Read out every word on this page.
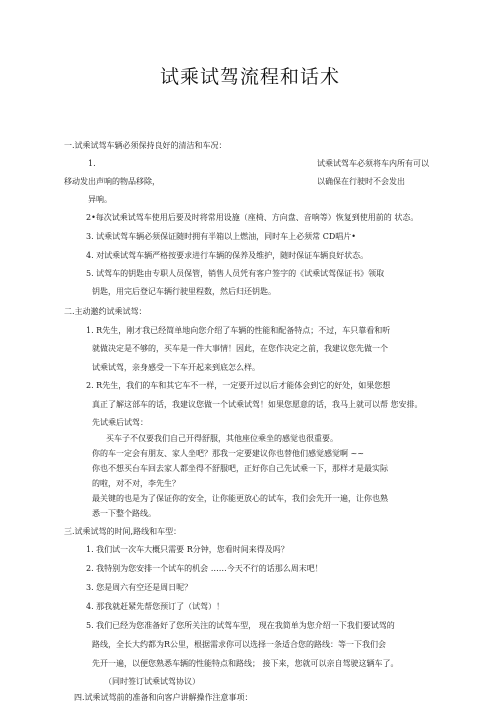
试乘试驾流程和话术
一.试乘试驾车辆必须保持良好的清洁和车况：
1.	试乘试驾车必须将车内所有可以
移动发出声响的物品移除，	以确保在行驶时不会发出
异响。
2•每次试乘试驾车使用后要及时将常用设施（座椅、方向盘、音响等）恢复到使用前的 状态。
3. 试乘试驾车辆必须保证随时拥有半箱以上燃油，同时车上必须常 CD唱片•
4. 对试乘试驾车辆严格按要求进行车辆的保养及维护，随时保证车辆良好状态。
5. 试驾车的钥匙由专职人员保管，销售人员凭有客户签字的《试乘试驾保证书》领取
钥匙，用完后登记车辆行驶里程数，然后归还钥匙。
二.主动邀约试乘试驾：
1. R先生，刚才我已经简单地向您介绍了车辆的性能和配备特点；不过，车只靠看和听
就做决定是不够的，买车是一件大事情！因此，在您作决定之前，我建议您先做一个
试乘试驾，亲身感受一下车开起来到底怎么样。
2. R先生，我们的车和其它车不一样，一定要开过以后才能体会到它的好处，如果您想
真正了解这部车的话，我建议您做一个试乘试驾！如果您愿意的话，我马上就可以帮 您安排。
先试乘后试驾：
买车子不仅要我们自己开得舒服，其他座位乘坐的感觉也很重要。
你的车一定会有朋友、家人坐吧？那我一定要建议你也替他们感觉感觉啊 ~~
你也不想买台车回去家人都坐得不舒服吧，正好你自己先试乘一下，那样才是最实际
的啦，对不对，李先生？
最关键的也是为了保证你的安全，让你能更放心的试车，我们会先开一遍，让你也熟
悉一下整个路线。
三.试乘试驾的时间,路线和车型：
1. 我们试一次车大概只需要 R分钟，您看时间来得及吗？
2. 我特别为您安排一个试车的机会 ……今天不行的话那么周末吧！
3. 您是周六有空还是周日呢？
4. 那我就赶紧先帮您预订了（试驾）！
5. 我们已经为您准备好了您所关注的试驾车型， 现在我简单为您介绍一下我们要试驾的
路线，全长大约都为R公里，根据需求你可以选择一条适合您的路线：等一下我们会
先开一遍，以便您熟悉车辆的性能特点和路线； 接下来，您就可以亲自驾驶这辆车了。
（同时签订试乘试驾协议）
四.试乘试驾前的准备和向客户讲解操作注意事项：
